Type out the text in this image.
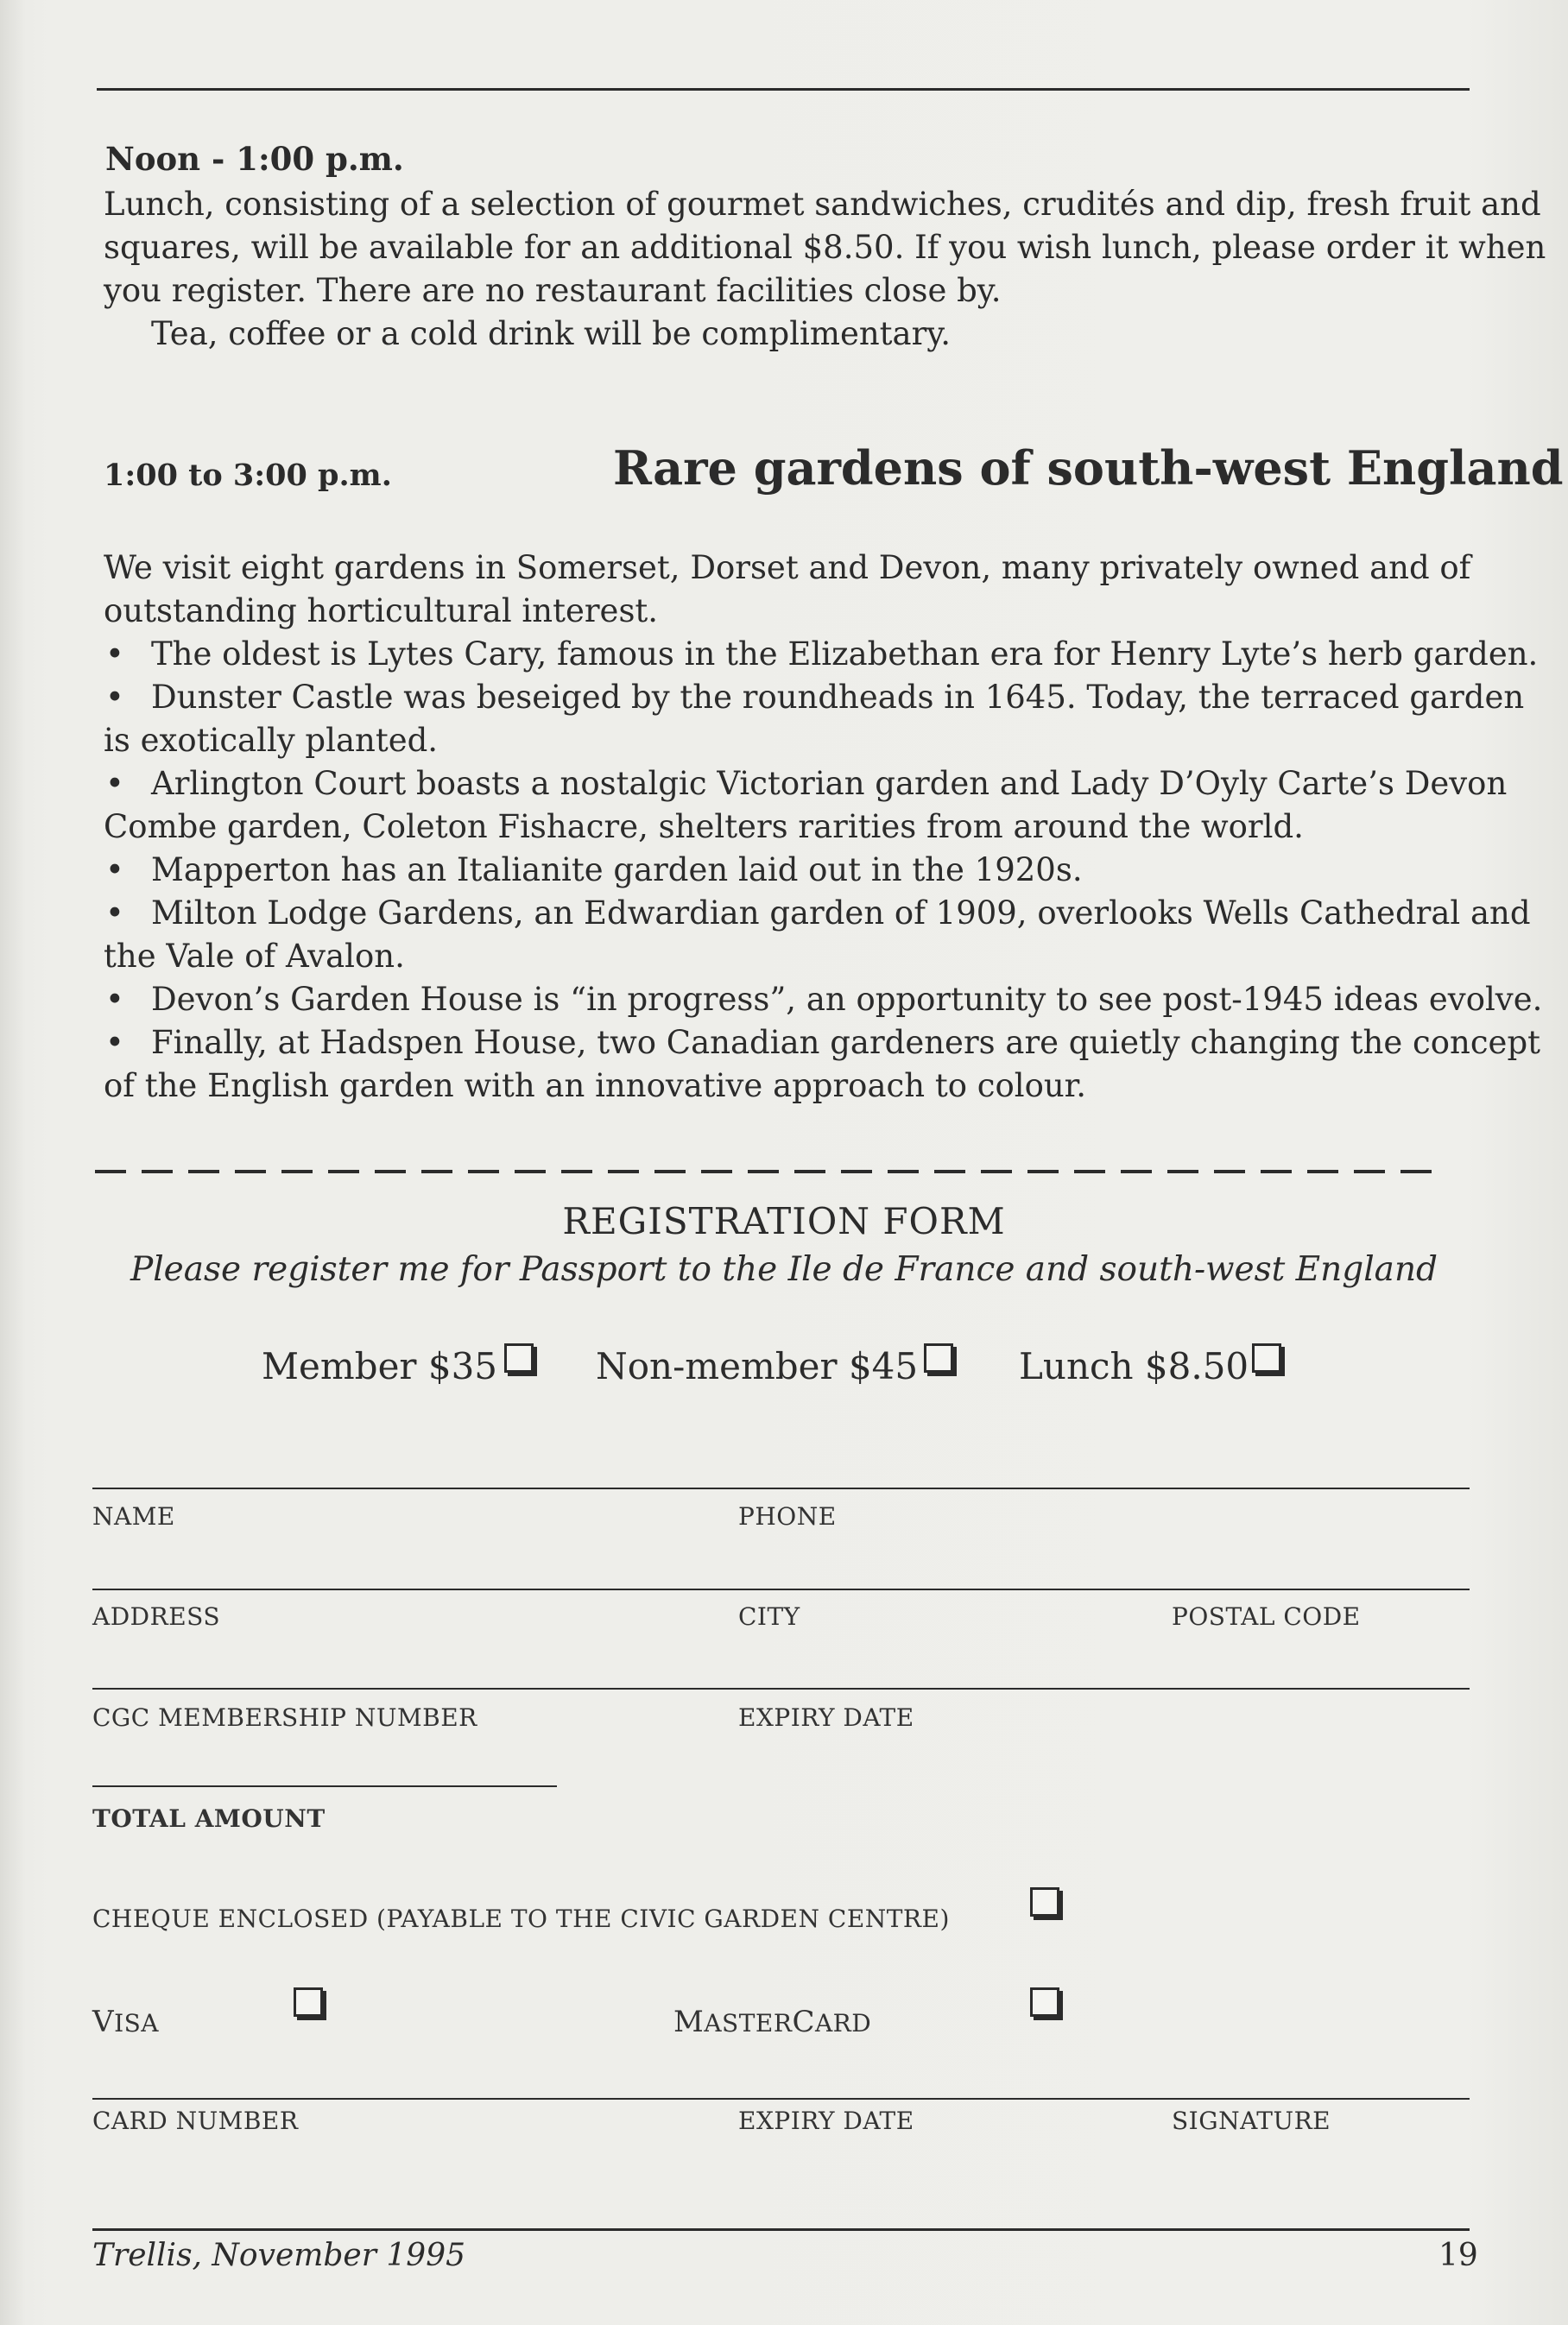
Noon - 1:00 p.m.
Lunch, consisting of a selection of gourmet sandwiches, crudités and dip, fresh fruit and
squares, will be available for an additional $8.50. If you wish lunch, please order it when
you register. There are no restaurant facilities close by.
Tea, coffee or a cold drink will be complimentary.
1:00 to 3:00 p.m.	Rare gardens of south-west England
We visit eight gardens in Somerset, Dorset and Devon, many privately owned and of
outstanding horticultural interest.
• The oldest is Lytes Cary, famous in the Elizabethan era for Henry Lyte’s herb garden.
• Dunster Castle was beseiged by the roundheads in 1645. Today, the terraced garden
is exotically planted.
• Arlington Court boasts a nostalgic Victorian garden and Lady D’Oyly Carte’s Devon
Combe garden, Coleton Fishacre, shelters rarities from around the world.
• Mapperton has an Italianite garden laid out in the 1920s.
• Milton Lodge Gardens, an Edwardian garden of 1909, overlooks Wells Cathedral and
the Vale of Avalon.
• Devon’s Garden House is “in progress”, an opportunity to see post-1945 ideas evolve.
• Finally, at Hadspen House, two Canadian gardeners are quietly changing the concept
of the English garden with an innovative approach to colour.
REGISTRATION FORM
Please register me for Passport to the Ile de France and south-west England
Member $35	Non-member $45	Lunch $8.50
NAME	PHONE
ADDRESS	CITY	POSTAL CODE
CGC MEMBERSHIP NUMBER	EXPIRY DATE
TOTAL AMOUNT
CHEQUE ENCLOSED (PAYABLE TO THE CIVIC GARDEN CENTRE)
VISA	MASTERCARD
CARD NUMBER	EXPIRY DATE	SIGNATURE
Trellis, November 1995	19
